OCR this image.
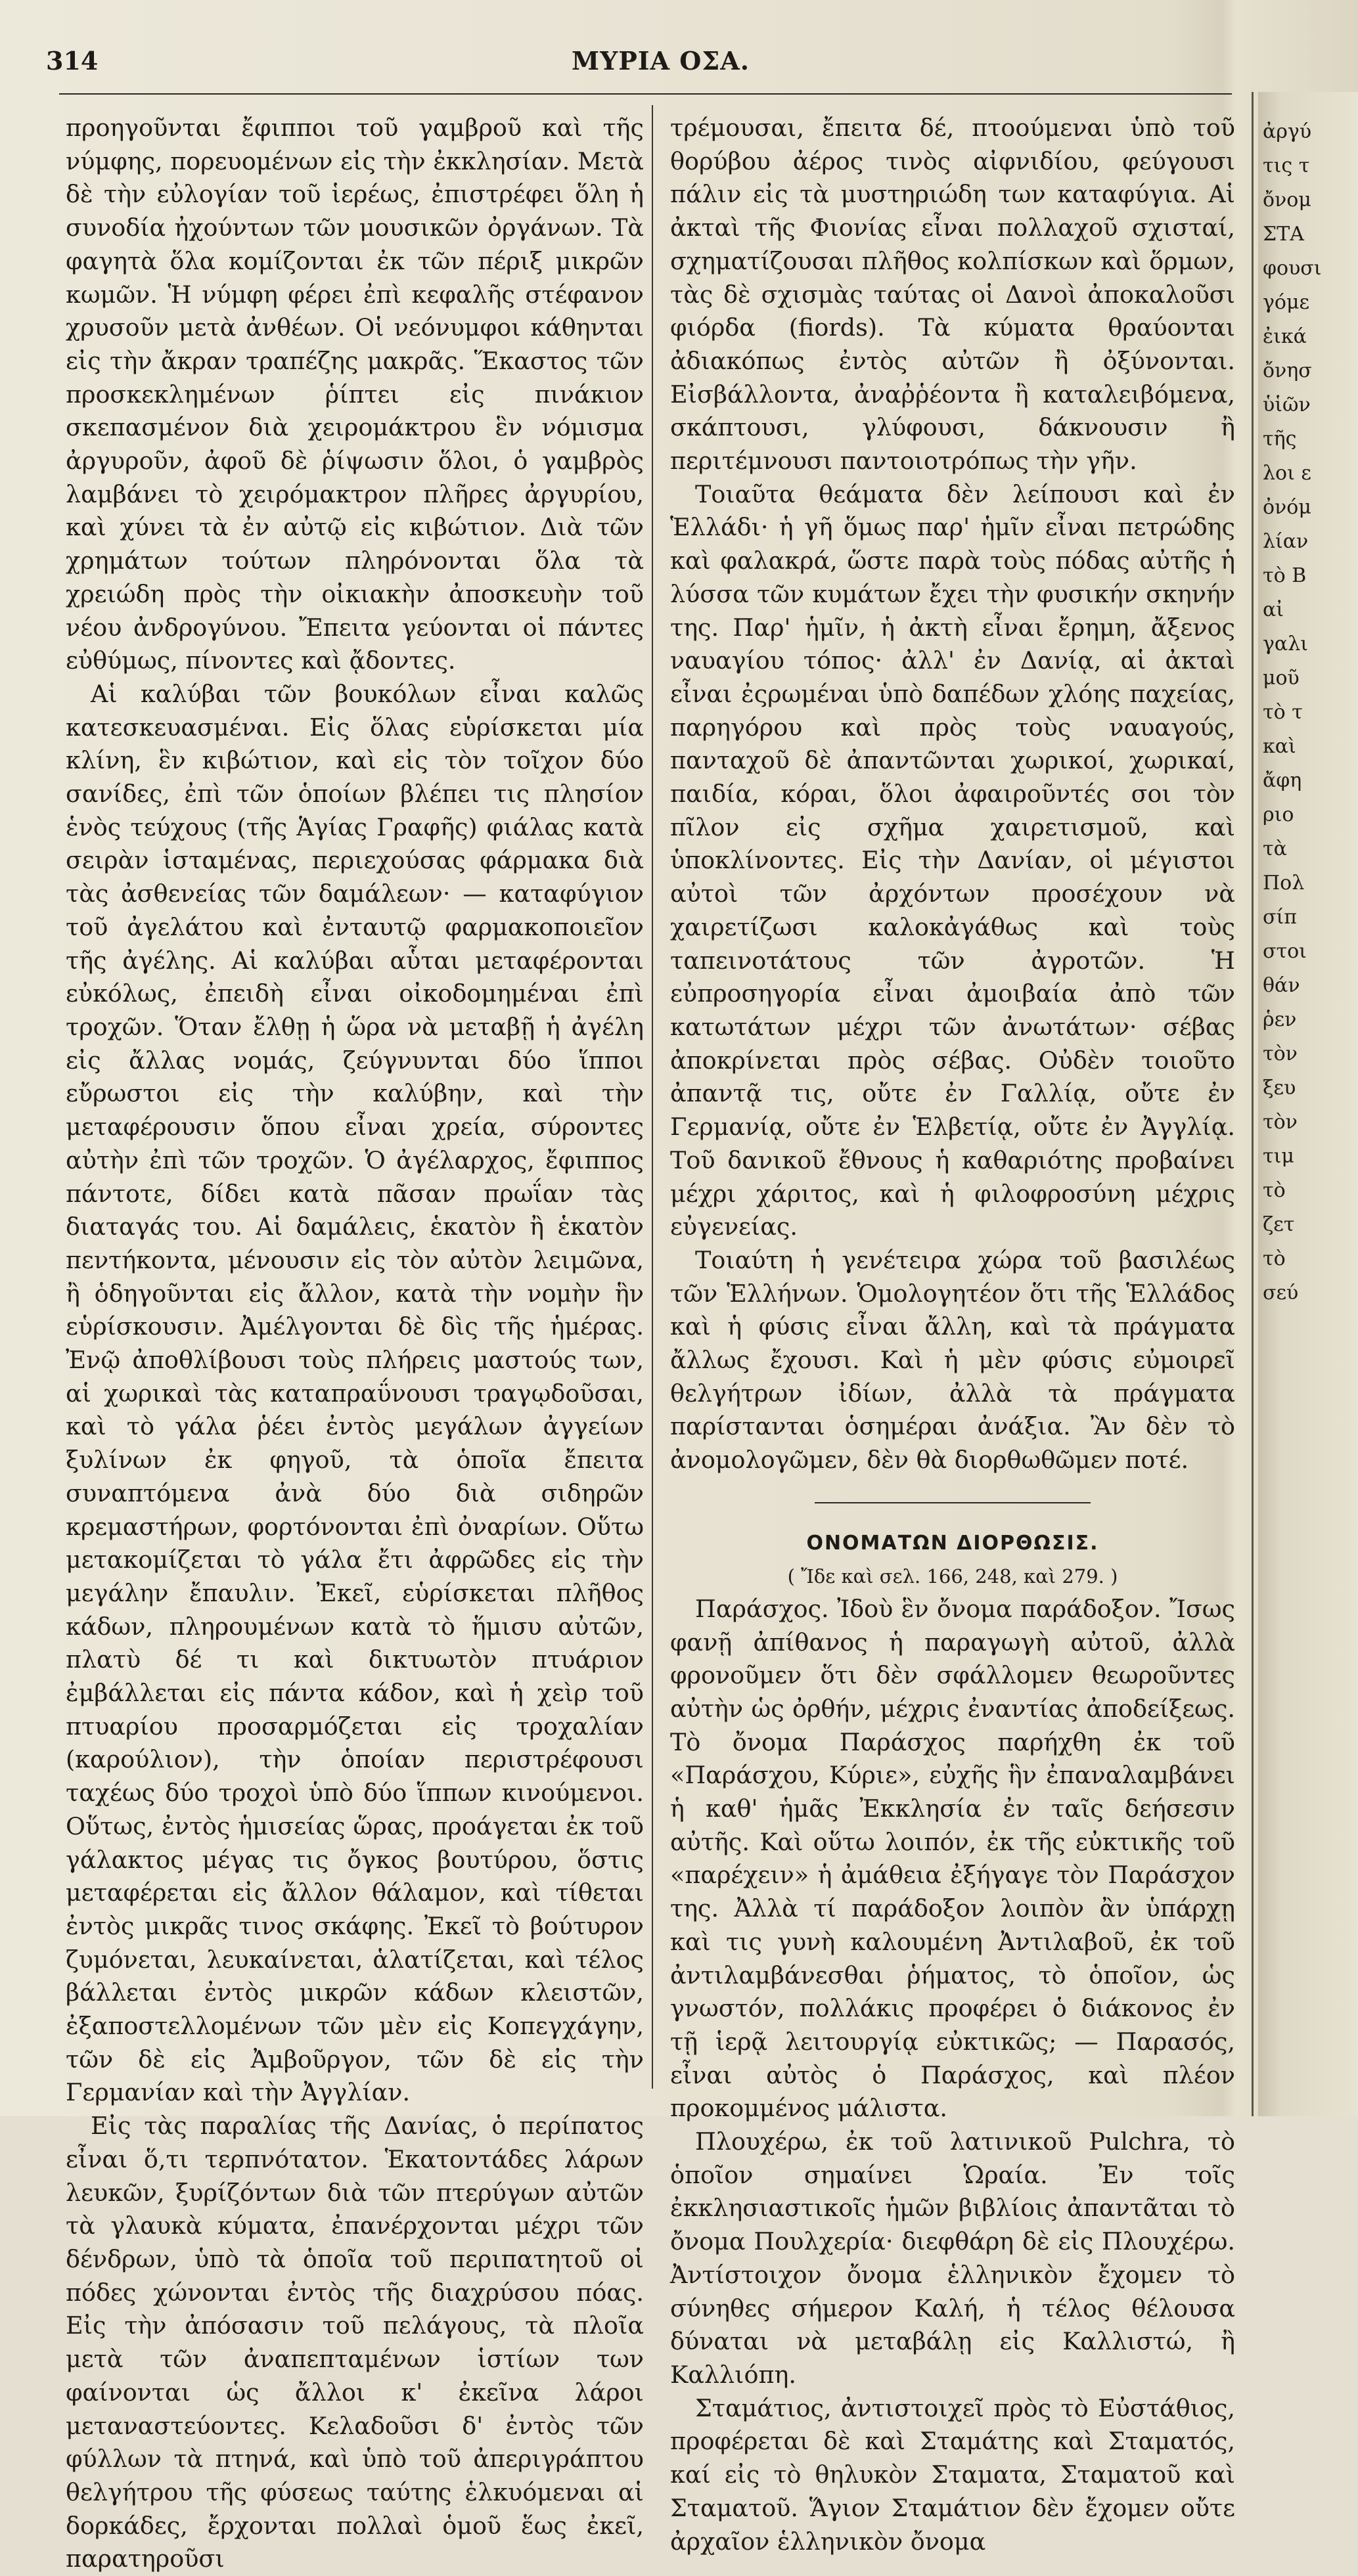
314	ΜΥΡΙΑ ΟΣΑ.

προηγοῦνται ἔφιπποι τοῦ γαμβροῦ καὶ τῆς νύμφης, πορευομένων εἰς τὴν ἐκκλησίαν. Μετὰ δὲ τὴν εὐλογίαν τοῦ ἱερέως, ἐπιστρέφει ὅλη ἡ συνοδία ἠχούντων τῶν μουσικῶν ὀργάνων. Τὰ φαγητὰ ὅλα κομίζονται ἐκ τῶν πέριξ μικρῶν κωμῶν. Ἡ νύμφη φέρει ἐπὶ κεφαλῆς στέφανον χρυσοῦν μετὰ ἀνθέων. Οἱ νεόνυμφοι κάθηνται εἰς τὴν ἄκραν τραπέζης μακρᾶς. Ἕκαστος τῶν προσκεκλημένων ῥίπτει εἰς πινάκιον σκεπασμένον διὰ χειρομάκτρου ἓν νόμισμα ἀργυροῦν, ἀφοῦ δὲ ῥίψωσιν ὅλοι, ὁ γαμβρὸς λαμβάνει τὸ χειρόμακτρον πλῆρες ἀργυρίου, καὶ χύνει τὰ ἐν αὐτῷ εἰς κιβώτιον. Διὰ τῶν χρημάτων τούτων πληρόνονται ὅλα τὰ χρειώδη πρὸς τὴν οἰκιακὴν ἀποσκευὴν τοῦ νέου ἀνδρογύνου. Ἔπειτα γεύονται οἱ πάντες εὐθύμως, πίνοντες καὶ ᾄδοντες.

Αἱ καλύβαι τῶν βουκόλων εἶναι καλῶς κατεσκευασμέναι. Εἰς ὅλας εὑρίσκεται μία κλίνη, ἓν κιβώτιον, καὶ εἰς τὸν τοῖχον δύο σανίδες, ἐπὶ τῶν ὁποίων βλέπει τις πλησίον ἑνὸς τεύχους (τῆς Ἁγίας Γραφῆς) φιάλας κατὰ σειρὰν ἱσταμένας, περιεχούσας φάρμακα διὰ τὰς ἀσθενείας τῶν δαμάλεων· — καταφύγιον τοῦ ἀγελάτου καὶ ἐνταυτῷ φαρμακοποιεῖον τῆς ἀγέλης. Αἱ καλύβαι αὗται μεταφέρονται εὐκόλως, ἐπειδὴ εἶναι οἰκοδομημέναι ἐπὶ τροχῶν. Ὅταν ἔλθῃ ἡ ὥρα νὰ μεταβῇ ἡ ἀγέλη εἰς ἄλλας νομάς, ζεύγνυνται δύο ἵπποι εὔρωστοι εἰς τὴν καλύβην, καὶ τὴν μεταφέρουσιν ὅπου εἶναι χρεία, σύροντες αὐτὴν ἐπὶ τῶν τροχῶν. Ὁ ἀγέλαρχος, ἔφιππος πάντοτε, δίδει κατὰ πᾶσαν πρωΐαν τὰς διαταγάς του. Αἱ δαμάλεις, ἑκατὸν ἢ ἑκατὸν πεντήκοντα, μένουσιν εἰς τὸν αὐτὸν λειμῶνα, ἢ ὁδηγοῦνται εἰς ἄλλον, κατὰ τὴν νομὴν ἣν εὑρίσκουσιν. Ἀμέλγονται δὲ δὶς τῆς ἡμέρας. Ἐνῷ ἀποθλίβουσι τοὺς πλήρεις μαστούς των, αἱ χωρικαὶ τὰς καταπραΰνουσι τραγῳδοῦσαι, καὶ τὸ γάλα ῥέει ἐντὸς μεγάλων ἀγγείων ξυλίνων ἐκ φηγοῦ, τὰ ὁποῖα ἔπειτα συναπτόμενα ἀνὰ δύο διὰ σιδηρῶν κρεμαστήρων, φορτόνονται ἐπὶ ὀναρίων. Οὕτω μετακομίζεται τὸ γάλα ἔτι ἀφρῶδες εἰς τὴν μεγάλην ἔπαυλιν. Ἐκεῖ, εὑρίσκεται πλῆθος κάδων, πληρουμένων κατὰ τὸ ἥμισυ αὐτῶν, πλατὺ δέ τι καὶ δικτυωτὸν πτυάριον ἐμβάλλεται εἰς πάντα κάδον, καὶ ἡ χεὶρ τοῦ πτυαρίου προσαρμόζεται εἰς τροχαλίαν (καρούλιον), τὴν ὁποίαν περιστρέφουσι ταχέως δύο τροχοὶ ὑπὸ δύο ἵππων κινούμενοι. Οὕτως, ἐντὸς ἡμισείας ὥρας, προάγεται ἐκ τοῦ γάλακτος μέγας τις ὄγκος βουτύρου, ὅστις μεταφέρεται εἰς ἄλλον θάλαμον, καὶ τίθεται ἐντὸς μικρᾶς τινος σκάφης. Ἐκεῖ τὸ βούτυρον ζυμόνεται, λευκαίνεται, ἁλατίζεται, καὶ τέλος βάλλεται ἐντὸς μικρῶν κάδων κλειστῶν, ἐξαποστελλομένων τῶν μὲν εἰς Κοπεγχάγην, τῶν δὲ εἰς Ἀμβοῦργον, τῶν δὲ εἰς τὴν Γερμανίαν καὶ τὴν Ἀγγλίαν.

Εἰς τὰς παραλίας τῆς Δανίας, ὁ περίπατος εἶναι ὅ,τι τερπνότατον. Ἑκατοντάδες λάρων λευκῶν, ξυρίζόντων διὰ τῶν πτερύγων αὐτῶν τὰ γλαυκὰ κύματα, ἐπανέρχονται μέχρι τῶν δένδρων, ὑπὸ τὰ ὁποῖα τοῦ περιπατητοῦ οἱ πόδες χώνονται ἐντὸς τῆς διαχρύσου πόας. Εἰς τὴν ἀπόσασιν τοῦ πελάγους, τὰ πλοῖα μετὰ τῶν ἀναπεπταμένων ἱστίων των φαίνονται ὡς ἄλλοι κ' ἐκεῖνα λάροι μεταναστεύοντες. Κελαδοῦσι δ' ἐντὸς τῶν φύλλων τὰ πτηνά, καὶ ὑπὸ τοῦ ἀπεριγράπτου θελγήτρου τῆς φύσεως ταύτης ἑλκυόμεναι αἱ δορκάδες, ἔρχονται πολλαὶ ὁμοῦ ἕως ἐκεῖ, παρατηροῦσι

τρέμουσαι, ἔπειτα δέ, πτοούμεναι ὑπὸ τοῦ θορύβου ἀέρος τινὸς αἰφνιδίου, φεύγουσι πάλιν εἰς τὰ μυστηριώδη των καταφύγια. Αἱ ἀκταὶ τῆς Φιονίας εἶναι πολλαχοῦ σχισταί, σχηματίζουσαι πλῆθος κολπίσκων καὶ ὅρμων, τὰς δὲ σχισμὰς ταύτας οἱ Δανοὶ ἀποκαλοῦσι φιόρδα (fiords). Τὰ κύματα θραύονται ἀδιακόπως ἐντὸς αὐτῶν ἢ ὀξύνονται. Εἰσβάλλοντα, ἀναῤῥέοντα ἢ καταλειβόμενα, σκάπτουσι, γλύφουσι, δάκνουσιν ἢ περιτέμνουσι παντοιοτρόπως τὴν γῆν.

Τοιαῦτα θεάματα δὲν λείπουσι καὶ ἐν Ἑλλάδι· ἡ γῆ ὅμως παρ' ἡμῖν εἶναι πετρώδης καὶ φαλακρά, ὥστε παρὰ τοὺς πόδας αὐτῆς ἡ λύσσα τῶν κυμάτων ἔχει τὴν φυσικήν σκηνήν της. Παρ' ἡμῖν, ἡ ἀκτὴ εἶναι ἔρημη, ἄξενος ναυαγίου τόπος· ἀλλ' ἐν Δανίᾳ, αἱ ἀκταὶ εἶναι ἐςρωμέναι ὑπὸ δαπέδων χλόης παχείας, παρηγόρου καὶ πρὸς τοὺς ναυαγούς, πανταχοῦ δὲ ἀπαντῶνται χωρικοί, χωρικαί, παιδία, κόραι, ὅλοι ἀφαιροῦντές σοι τὸν πῖλον εἰς σχῆμα χαιρετισμοῦ, καὶ ὑποκλίνοντες. Εἰς τὴν Δανίαν, οἱ μέγιστοι αὐτοὶ τῶν ἀρχόντων προσέχουν νὰ χαιρετίζωσι καλοκἀγάθως καὶ τοὺς ταπεινοτάτους τῶν ἀγροτῶν. Ἡ εὐπροσηγορία εἶναι ἀμοιβαία ἀπὸ τῶν κατωτάτων μέχρι τῶν ἀνωτάτων· σέβας ἀποκρίνεται πρὸς σέβας. Οὐδὲν τοιοῦτο ἀπαντᾷ τις, οὔτε ἐν Γαλλίᾳ, οὔτε ἐν Γερμανίᾳ, οὔτε ἐν Ἑλβετίᾳ, οὔτε ἐν Ἀγγλίᾳ. Τοῦ δανικοῦ ἔθνους ἡ καθαριότης προβαίνει μέχρι χάριτος, καὶ ἡ φιλοφροσύνη μέχρις εὐγενείας.

Τοιαύτη ἡ γενέτειρα χώρα τοῦ βασιλέως τῶν Ἑλλήνων. Ὁμολογητέον ὅτι τῆς Ἑλλάδος καὶ ἡ φύσις εἶναι ἄλλη, καὶ τὰ πράγματα ἄλλως ἔχουσι. Καὶ ἡ μὲν φύσις εὐμοιρεῖ θελγήτρων ἰδίων, ἀλλὰ τὰ πράγματα παρίστανται ὁσημέραι ἀνάξια. Ἂν δὲν τὸ ἀνομολογῶμεν, δὲν θὰ διορθωθῶμεν ποτέ.

ΟΝΟΜΑΤΩΝ ΔΙΟΡΘΩΣΙΣ.

( Ἴδε καὶ σελ. 166, 248, καὶ 279. )

Παράσχος. Ἰδοὺ ἓν ὄνομα παράδοξον. Ἴσως φανῇ ἀπίθανος ἡ παραγωγὴ αὐτοῦ, ἀλλὰ φρονοῦμεν ὅτι δὲν σφάλλομεν θεωροῦντες αὐτὴν ὡς ὀρθήν, μέχρις ἐναντίας ἀποδείξεως. Τὸ ὄνομα Παράσχος παρήχθη ἐκ τοῦ «Παράσχου, Κύριε», εὐχῆς ἣν ἐπαναλαμβάνει ἡ καθ' ἡμᾶς Ἐκκλησία ἐν ταῖς δεήσεσιν αὐτῆς. Καὶ οὕτω λοιπόν, ἐκ τῆς εὐκτικῆς τοῦ «παρέχειν» ἡ ἀμάθεια ἐξήγαγε τὸν Παράσχον της. Ἀλλὰ τί παράδοξον λοιπὸν ἂν ὑπάρχῃ καὶ τις γυνὴ καλουμένη Ἀντιλαβοῦ, ἐκ τοῦ ἀντιλαμβάνεσθαι ῥήματος, τὸ ὁποῖον, ὡς γνωστόν, πολλάκις προφέρει ὁ διάκονος ἐν τῇ ἱερᾷ λειτουργίᾳ εὐκτικῶς; — Παρασός, εἶναι αὐτὸς ὁ Παράσχος, καὶ πλέον προκομμένος μάλιστα.

Πλουχέρω, ἐκ τοῦ λατινικοῦ Pulchra, τὸ ὁποῖον σημαίνει Ὡραία. Ἐν τοῖς ἐκκλησιαστικοῖς ἡμῶν βιβλίοις ἀπαντᾶται τὸ ὄνομα Πουλχερία· διεφθάρη δὲ εἰς Πλουχέρω. Ἀντίστοιχον ὄνομα ἑλληνικὸν ἔχομεν τὸ σύνηθες σήμερον Καλή, ἡ τέλος θέλουσα δύναται νὰ μεταβάλῃ εἰς Καλλιστώ, ἢ Καλλιόπη.

Σταμάτιος, ἀντιστοιχεῖ πρὸς τὸ Εὐστάθιος, προφέρεται δὲ καὶ Σταμάτης καὶ Σταματός, καί εἰς τὸ θηλυκὸν Σταματα, Σταματοῦ καὶ Σταματοῦ. Ἅγιον Σταμάτιον δὲν ἔχομεν οὔτε ἀρχαῖον ἑλληνικὸν ὄνομα

ἀργύ
τις τ
ὄνομ
ΣΤΑ
φουσι
γόμε
ἐικά
ὄνησ
ὑἱῶν
τῆς
λοι ε
ὀνόμ
λίαν
τὸ Β
αἰ
γαλι
μοῦ
τὸ τ
καὶ
ἄφη
ριο
τὰ
Πολ
σίπ
στοι
θάν
ῥεν
τὸν
ξευ
τὸν
τιμ
τὸ
ζετ
τὸ
σεύ
